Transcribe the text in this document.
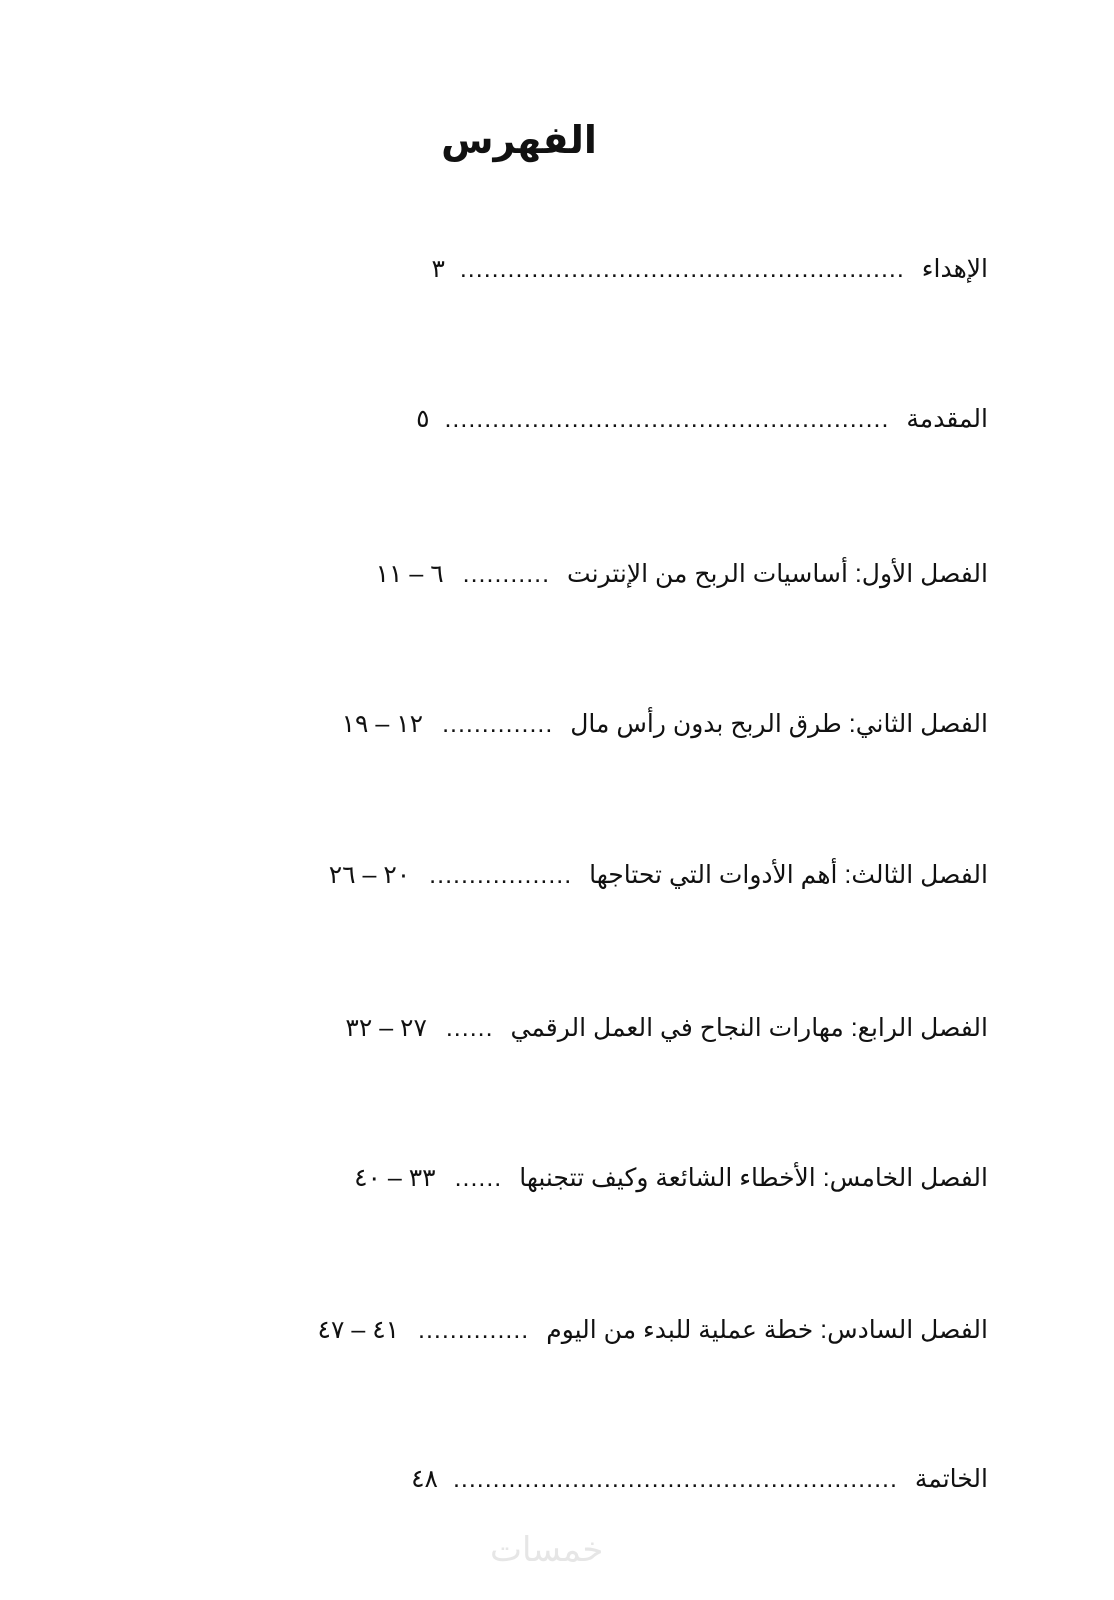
الفهرس
الإهداء ........................................................ ٣
المقدمة ........................................................ ٥
الفصل الأول: أساسيات الربح من الإنترنت ........... ٦ – ١١
الفصل الثاني: طرق الربح بدون رأس مال .............. ١٢ – ١٩
الفصل الثالث: أهم الأدوات التي تحتاجها .................. ٢٠ – ٢٦
الفصل الرابع: مهارات النجاح في العمل الرقمي ...... ٢٧ – ٣٢
الفصل الخامس: الأخطاء الشائعة وكيف تتجنبها ...... ٣٣ – ٤٠
الفصل السادس: خطة عملية للبدء من اليوم .............. ٤١ – ٤٧
الخاتمة ........................................................ ٤٨
خمسات
